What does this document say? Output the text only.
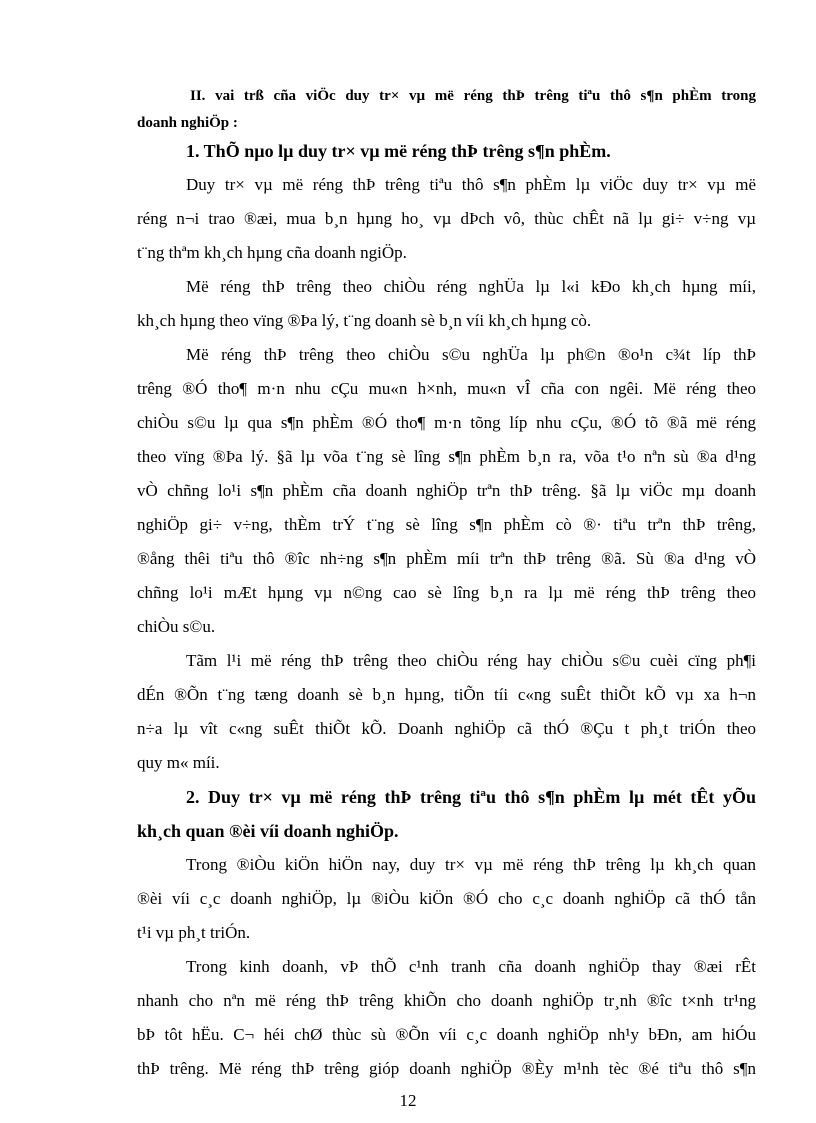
II. vai trß cña viÖc duy tr× vµ më réng thÞ trêng tiªu thô s¶n phÈm trong
doanh nghiÖp :
1. ThÕ nµo lµ duy tr× vµ më réng thÞ trêng s¶n phÈm.
Duy tr× vµ më réng thÞ trêng tiªu thô s¶n phÈm lµ viÖc duy tr× vµ më
réng n¬i trao ®æi, mua b¸n hµng ho¸ vµ dÞch vô, thùc chÊt nã lµ gi÷ v÷ng vµ
t¨ng thªm kh¸ch hµng cña doanh ngiÖp.
Më réng thÞ trêng theo chiÒu réng nghÜa lµ l«i kÐo kh¸ch hµng míi,
kh¸ch hµng theo vïng ®Þa lý, t¨ng doanh sè b¸n víi kh¸ch hµng cò.
Më réng thÞ trêng theo chiÒu s©u nghÜa lµ ph©n ®o¹n c¾t líp thÞ
trêng ®Ó tho¶ m·n nhu cÇu mu«n h×nh, mu«n vÎ cña con ngêi. Më réng theo
chiÒu s©u lµ qua s¶n phÈm ®Ó tho¶ m·n tõng líp nhu cÇu, ®Ó tõ ®ã më réng
theo vïng ®Þa lý. §ã lµ võa t¨ng sè lîng s¶n phÈm b¸n ra, võa t¹o nªn sù ®a d¹ng
vÒ chñng lo¹i s¶n phÈm cña doanh nghiÖp trªn thÞ trêng. §ã lµ viÖc mµ doanh
nghiÖp gi÷ v÷ng, thÈm trÝ t¨ng sè lîng s¶n phÈm cò ®· tiªu trªn thÞ trêng,
®ång thêi tiªu thô ®îc nh÷ng s¶n phÈm míi trªn thÞ trêng ®ã. Sù ®a d¹ng vÒ
chñng lo¹i mÆt hµng vµ n©ng cao sè lîng b¸n ra lµ më réng thÞ trêng theo
chiÒu s©u.
Tãm l¹i më réng thÞ trêng theo chiÒu réng hay chiÒu s©u cuèi cïng ph¶i
dÉn ®Õn t¨ng tæng doanh sè b¸n hµng, tiÕn tíi c«ng suÊt thiÕt kÕ vµ xa h¬n
n÷a lµ vît c«ng suÊt thiÕt kÕ. Doanh nghiÖp cã thÓ ®Çu t ph¸t triÓn theo
quy m« míi.
2. Duy tr× vµ më réng thÞ trêng tiªu thô s¶n phÈm lµ mét tÊt yÕu
kh¸ch quan ®èi víi doanh nghiÖp.
Trong ®iÒu kiÖn hiÖn nay, duy tr× vµ më réng thÞ trêng lµ kh¸ch quan
®èi víi c¸c doanh nghiÖp, lµ ®iÒu kiÖn ®Ó cho c¸c doanh nghiÖp cã thÓ tån
t¹i vµ ph¸t triÓn.
Trong kinh doanh, vÞ thÕ c¹nh tranh cña doanh nghiÖp thay ®æi rÊt
nhanh cho nªn më réng thÞ trêng khiÕn cho doanh nghiÖp tr¸nh ®îc t×nh tr¹ng
bÞ tôt hËu. C¬ héi chØ thùc sù ®Õn víi c¸c doanh nghiÖp nh¹y bÐn, am hiÓu
thÞ trêng. Më réng thÞ trêng gióp doanh nghiÖp ®Èy m¹nh tèc ®é tiªu thô s¶n
12
